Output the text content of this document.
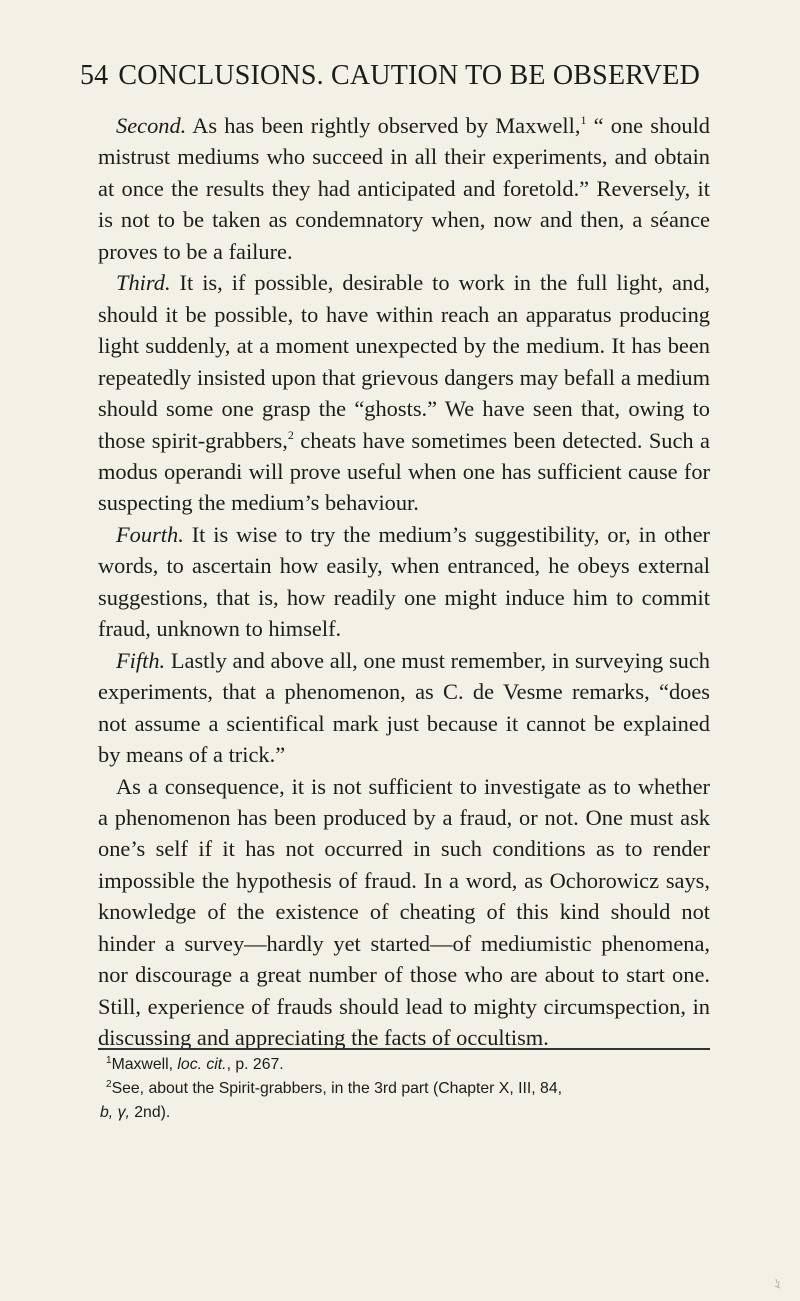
54 CONCLUSIONS. CAUTION TO BE OBSERVED

Second. As has been rightly observed by Maxwell,$^1$ “ one should mistrust mediums who succeed in all their experiments, and obtain at once the results they had anticipated and foretold.” Reversely, it is not to be taken as condemnatory when, now and then, a séance proves to be a failure.

Third. It is, if possible, desirable to work in the full light, and, should it be possible, to have within reach an apparatus producing light suddenly, at a moment unexpected by the medium. It has been repeatedly insisted upon that grievous dangers may befall a medium should some one grasp the “ghosts.” We have seen that, owing to those spirit-grabbers,$^2$ cheats have sometimes been detected. Such a modus operandi will prove useful when one has sufficient cause for suspecting the medium’s behaviour.

Fourth. It is wise to try the medium’s suggestibility, or, in other words, to ascertain how easily, when entranced, he obeys external suggestions, that is, how readily one might induce him to commit fraud, unknown to himself.

Fifth. Lastly and above all, one must remember, in surveying such experiments, that a phenomenon, as C. de Vesme remarks, “does not assume a scientifical mark just because it cannot be explained by means of a trick.”

As a consequence, it is not sufficient to investigate as to whether a phenomenon has been produced by a fraud, or not. One must ask one’s self if it has not occurred in such conditions as to render impossible the hypothesis of fraud. In a word, as Ochorowicz says, knowledge of the existence of cheating of this kind should not hinder a survey—hardly yet started—of mediumistic phenomena, nor discourage a great number of those who are about to start one. Still, experience of frauds should lead to mighty circumspection, in discussing and appreciating the facts of occultism.

$^1$Maxwell, loc. cit., p. 267.

$^2$See, about the Spirit-grabbers, in the 3rd part (Chapter X, III, 84,

b, γ, 2nd).
